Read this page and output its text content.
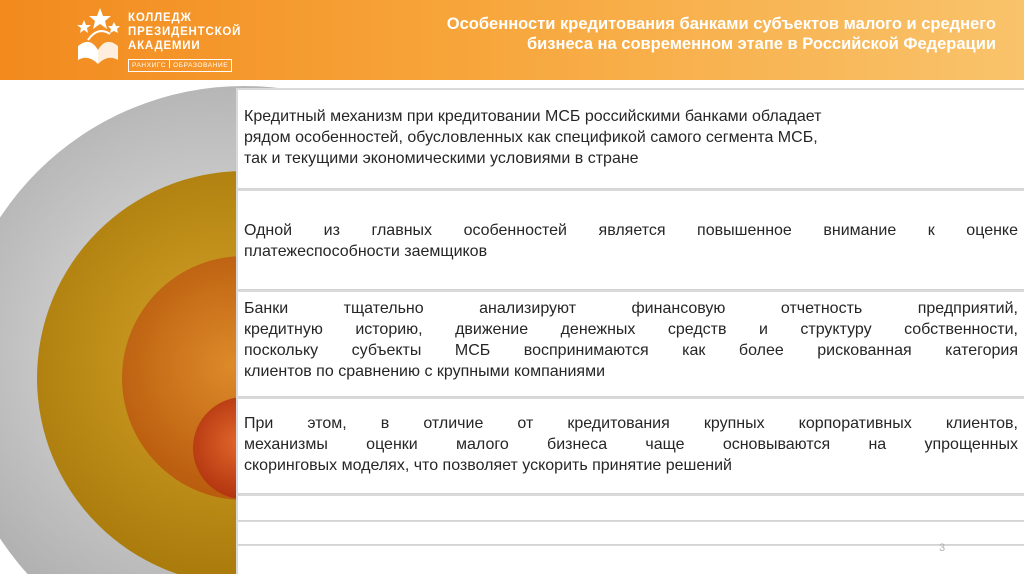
КОЛЛЕДЖ
ПРЕЗИДЕНТСКОЙ
АКАДЕМИИ
РАНХИГС ОБРАЗОВАНИЕ
Особенности кредитования банками субъектов малого и среднего
бизнеса на современном этапе в Российской Федерации
Кредитный механизм при кредитовании МСБ российскими банками обладает
рядом особенностей, обусловленных как спецификой самого сегмента МСБ,
так и текущими экономическими условиями в стране
Одной из главных особенностей является повышенное внимание к оценке
платежеспособности заемщиков
Банки тщательно анализируют финансовую отчетность предприятий,
кредитную историю, движение денежных средств и структуру собственности,
поскольку субъекты МСБ воспринимаются как более рискованная категория
клиентов по сравнению с крупными компаниями
При этом, в отличие от кредитования крупных корпоративных клиентов,
механизмы оценки малого бизнеса чаще основываются на упрощенных
скоринговых моделях, что позволяет ускорить принятие решений
3
